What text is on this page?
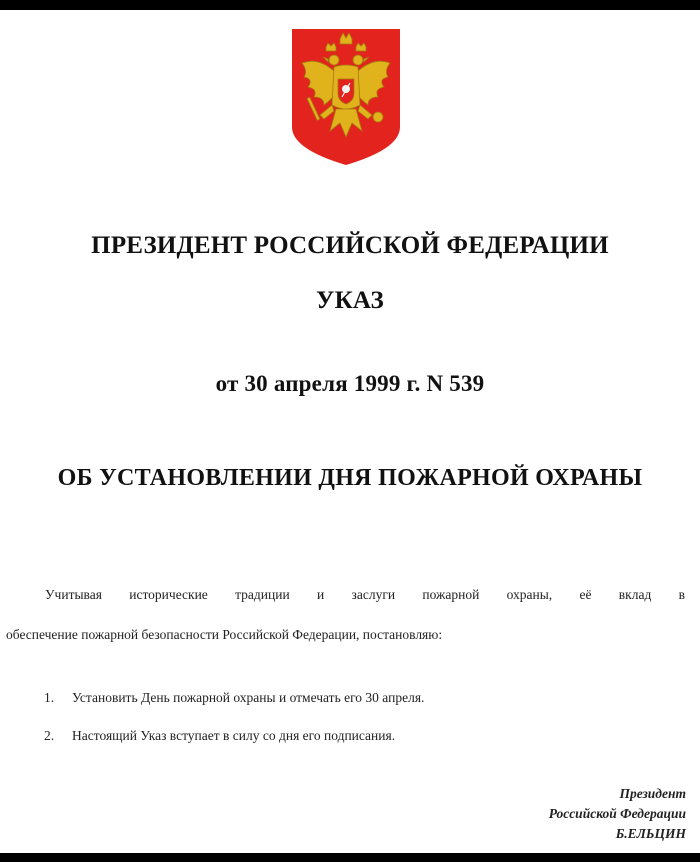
ПРЕЗИДЕНТ РОССИЙСКОЙ ФЕДЕРАЦИИ
УКАЗ
от 30 апреля 1999 г. N 539
ОБ УСТАНОВЛЕНИИ ДНЯ ПОЖАРНОЙ ОХРАНЫ
Учитывая исторические традиции и заслуги пожарной охраны, её вклад в
обеспечение пожарной безопасности Российской Федерации, постановляю:
1. Установить День пожарной охраны и отмечать его 30 апреля.
2. Настоящий Указ вступает в силу со дня его подписания.
Президент
Российской Федерации
Б.ЕЛЬЦИН
